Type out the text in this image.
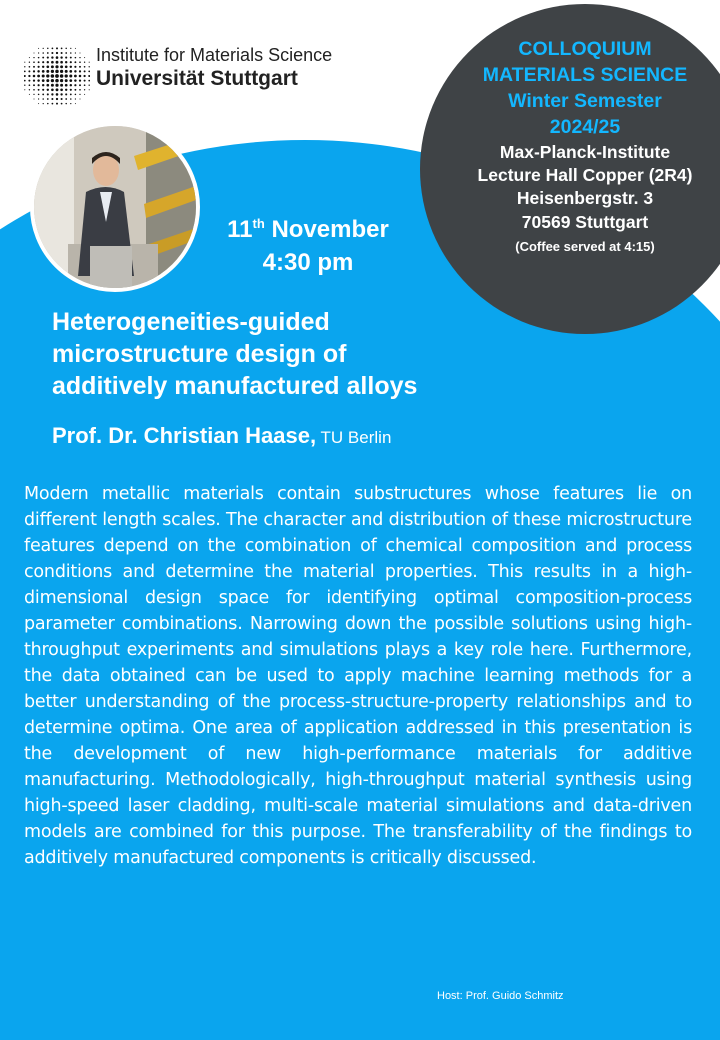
Institute for Materials Science
Universität Stuttgart
COLLOQUIUM
MATERIALS SCIENCE
Winter Semester
2024/25
Max-Planck-Institute
Lecture Hall Copper (2R4)
Heisenbergstr. 3
70569 Stuttgart
(Coffee served at 4:15)
11th November
4:30 pm
Heterogeneities-guided
microstructure design of
additively manufactured alloys
Prof. Dr. Christian Haase, TU Berlin

Modern metallic materials contain substructures whose features lie on different length scales. The character and distribution of these microstructure features depend on the combination of chemical composition and process conditions and determine the material properties. This results in a high-dimensional design space for identifying optimal composition-process parameter combinations. Narrowing down the possible solutions using high-throughput experiments and simulations plays a key role here. Furthermore, the data obtained can be used to apply machine learning methods for a better understanding of the process-structure-property relationships and to determine optima. One area of application addressed in this presentation is the development of new high-performance materials for additive manufacturing. Methodologically, high-throughput material synthesis using high-speed laser cladding, multi-scale material simulations and data-driven models are combined for this purpose. The transferability of the findings to additively manufactured components is critically discussed.

Host: Prof. Guido Schmitz
